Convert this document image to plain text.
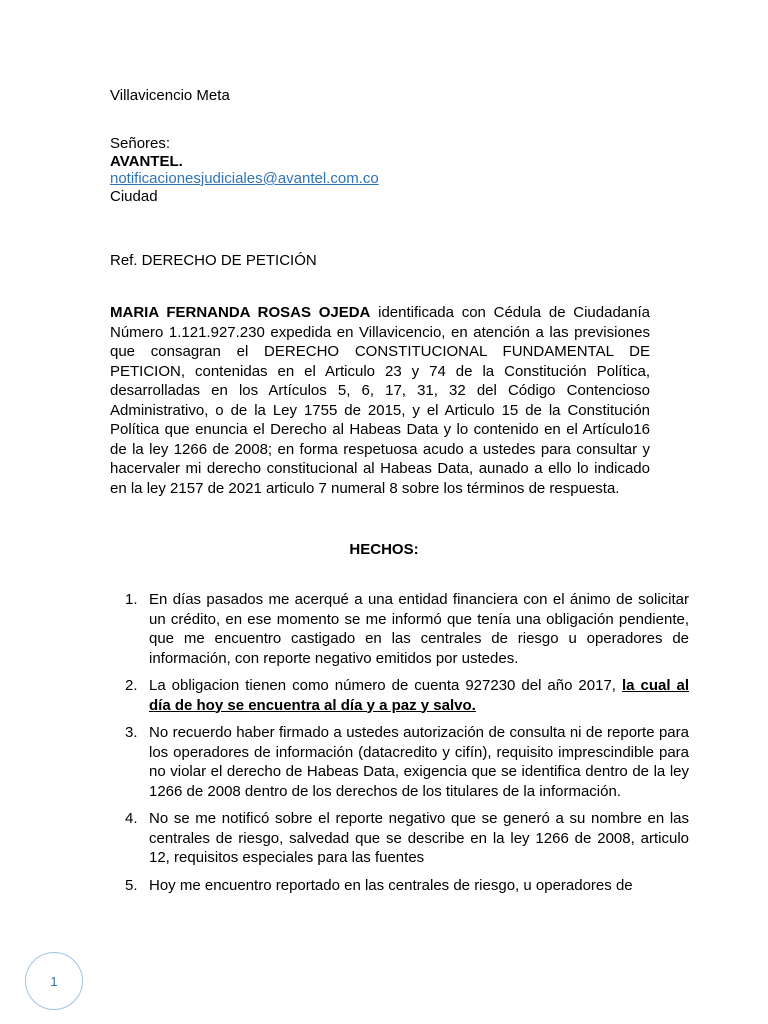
Villavicencio Meta

Señores:
AVANTEL.
notificacionesjudiciales@avantel.com.co
Ciudad

Ref. DERECHO DE PETICIÓN

MARIA FERNANDA ROSAS OJEDA identificada con Cédula de Ciudadanía Número 1.121.927.230 expedida en Villavicencio, en atención a las previsiones que consagran el DERECHO CONSTITUCIONAL FUNDAMENTAL DE PETICION, contenidas en el Articulo 23 y 74 de la Constitución Política, desarrolladas en los Artículos 5, 6, 17, 31, 32 del Código Contencioso Administrativo, o de la Ley 1755 de 2015, y el Articulo 15 de la Constitución Política que enuncia el Derecho al Habeas Data y lo contenido en el Artículo16 de la ley 1266 de 2008; en forma respetuosa acudo a ustedes para consultar y hacervaler mi derecho constitucional al Habeas Data, aunado a ello lo indicado en la ley 2157 de 2021 articulo 7 numeral 8 sobre los términos de respuesta.

HECHOS:
1. En días pasados me acerqué a una entidad financiera con el ánimo de solicitar un crédito, en ese momento se me informó que tenía una obligación pendiente, que me encuentro castigado en las centrales de riesgo u operadores de información, con reporte negativo emitidos por ustedes.
2. La obligacion tienen como número de cuenta 927230 del año 2017, la cual al día de hoy se encuentra al día y a paz y salvo.
3. No recuerdo haber firmado a ustedes autorización de consulta ni de reporte para los operadores de información (datacredito y cifín), requisito imprescindible para no violar el derecho de Habeas Data, exigencia que se identifica dentro de la ley 1266 de 2008 dentro de los derechos de los titulares de la información.
4. No se me notificó sobre el reporte negativo que se generó a su nombre en las centrales de riesgo, salvedad que se describe en la ley 1266 de 2008, articulo 12, requisitos especiales para las fuentes
5. Hoy me encuentro reportado en las centrales de riesgo, u operadores de
1
